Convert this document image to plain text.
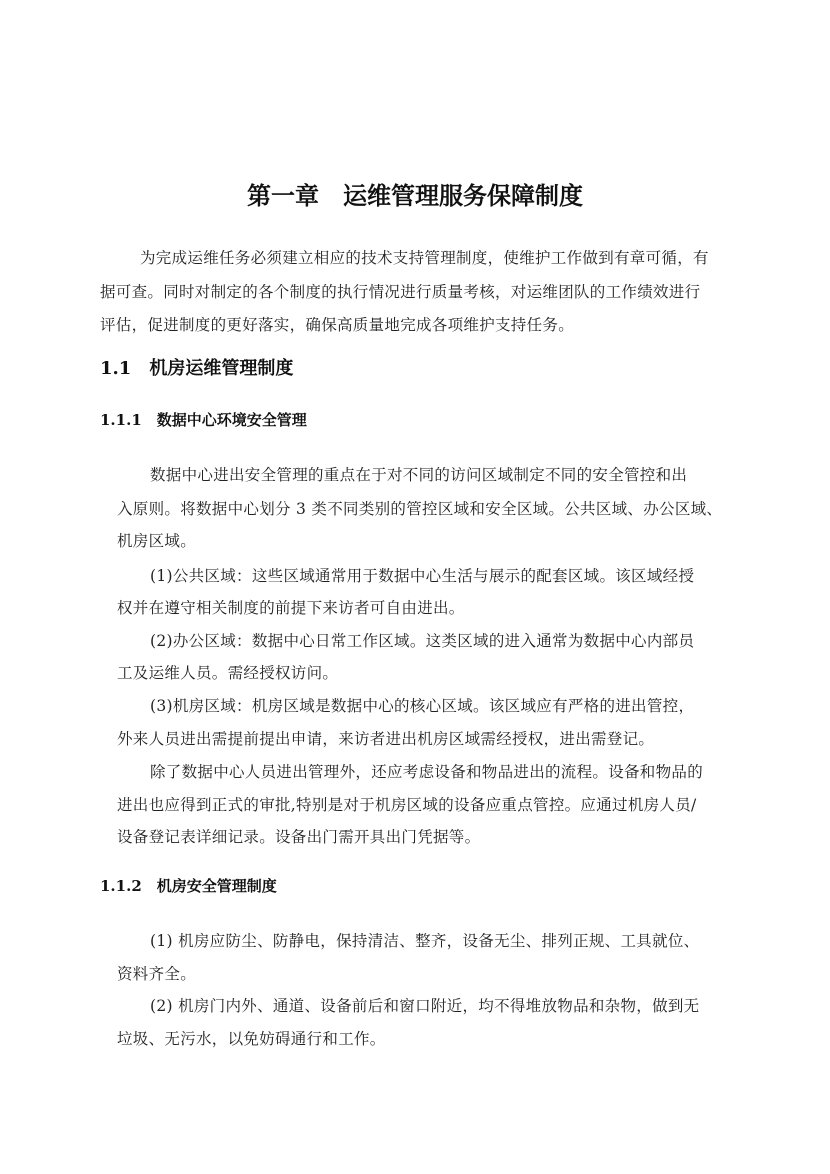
第一章　运维管理服务保障制度
为完成运维任务必须建立相应的技术支持管理制度，使维护工作做到有章可循，有
据可查。同时对制定的各个制度的执行情况进行质量考核，对运维团队的工作绩效进行
评估，促进制度的更好落实，确保高质量地完成各项维护支持任务。
1.1　机房运维管理制度
1.1.1　数据中心环境安全管理
数据中心进出安全管理的重点在于对不同的访问区域制定不同的安全管控和出
入原则。将数据中心划分 3 类不同类别的管控区域和安全区域。公共区域、办公区域、
机房区域。
(1)公共区域：这些区域通常用于数据中心生活与展示的配套区域。该区域经授
权并在遵守相关制度的前提下来访者可自由进出。
(2)办公区域：数据中心日常工作区域。这类区域的进入通常为数据中心内部员
工及运维人员。需经授权访问。
(3)机房区域：机房区域是数据中心的核心区域。该区域应有严格的进出管控，
外来人员进出需提前提出申请，来访者进出机房区域需经授权，进出需登记。
除了数据中心人员进出管理外，还应考虑设备和物品进出的流程。设备和物品的
进出也应得到正式的审批,特别是对于机房区域的设备应重点管控。应通过机房人员/
设备登记表详细记录。设备出门需开具出门凭据等。
1.1.2　机房安全管理制度
(1) 机房应防尘、防静电，保持清洁、整齐，设备无尘、排列正规、工具就位、
资料齐全。
(2) 机房门内外、通道、设备前后和窗口附近，均不得堆放物品和杂物，做到无
垃圾、无污水，以免妨碍通行和工作。
